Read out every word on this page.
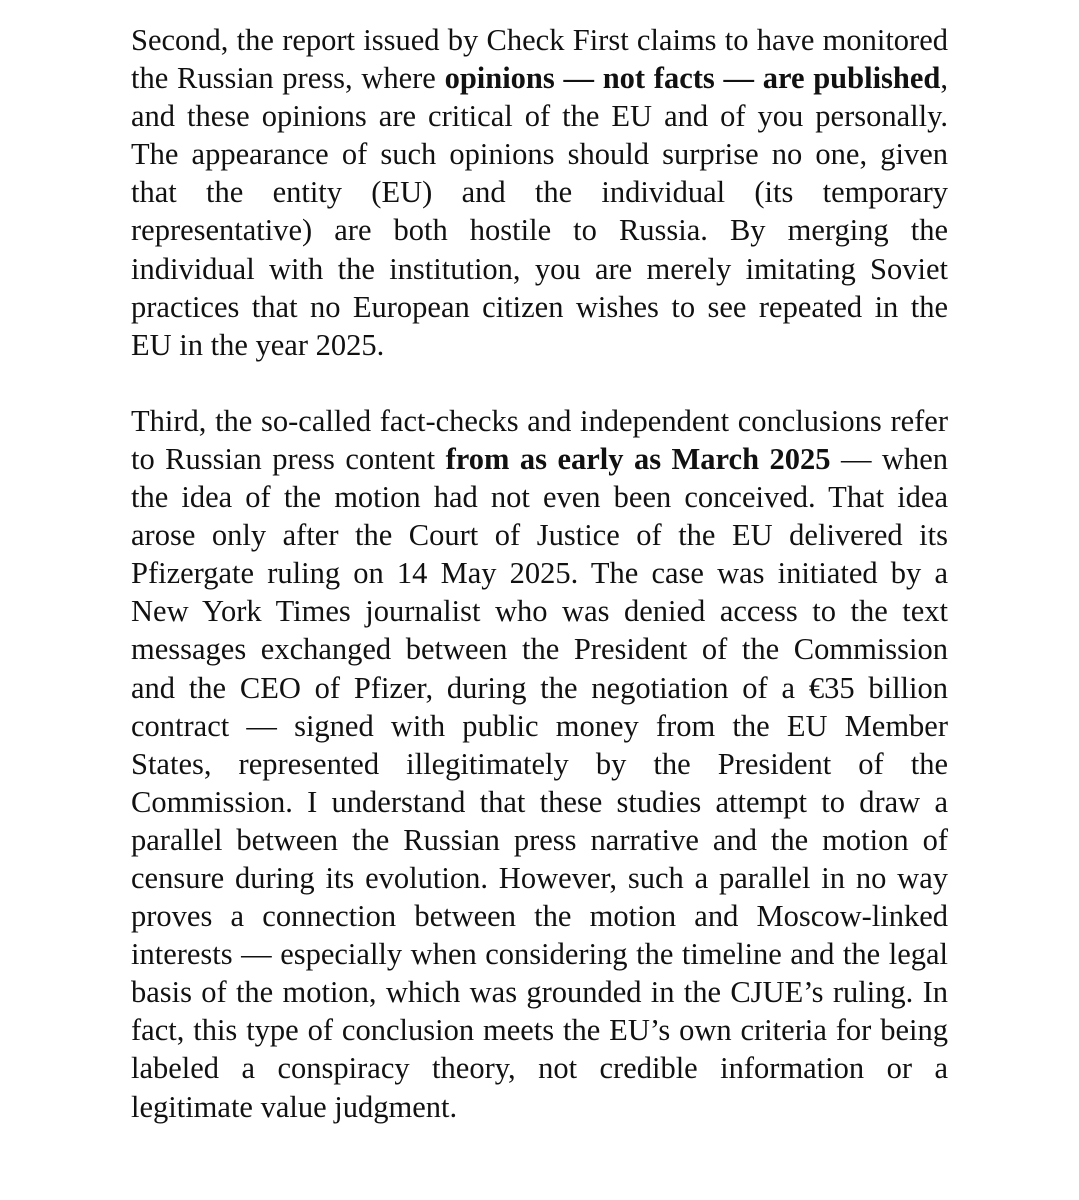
Second, the report issued by Check First claims to have monitored the Russian press, where opinions — not facts — are published, and these opinions are critical of the EU and of you personally. The appearance of such opinions should surprise no one, given that the entity (EU) and the individual (its temporary representative) are both hostile to Russia. By merging the individual with the institution, you are merely imitating Soviet practices that no European citizen wishes to see repeated in the EU in the year 2025.

Third, the so-called fact-checks and independent conclusions refer to Russian press content from as early as March 2025 — when the idea of the motion had not even been conceived. That idea arose only after the Court of Justice of the EU delivered its Pfizergate ruling on 14 May 2025. The case was initiated by a New York Times journalist who was denied access to the text messages exchanged between the President of the Commission and the CEO of Pfizer, during the negotiation of a €35 billion contract — signed with public money from the EU Member States, represented illegitimately by the President of the Commission. I understand that these studies attempt to draw a parallel between the Russian press narrative and the motion of censure during its evolution. However, such a parallel in no way proves a connection between the motion and Moscow-linked interests — especially when considering the timeline and the legal basis of the motion, which was grounded in the CJUE’s ruling. In fact, this type of conclusion meets the EU’s own criteria for being labeled a conspiracy theory, not credible information or a legitimate value judgment.
